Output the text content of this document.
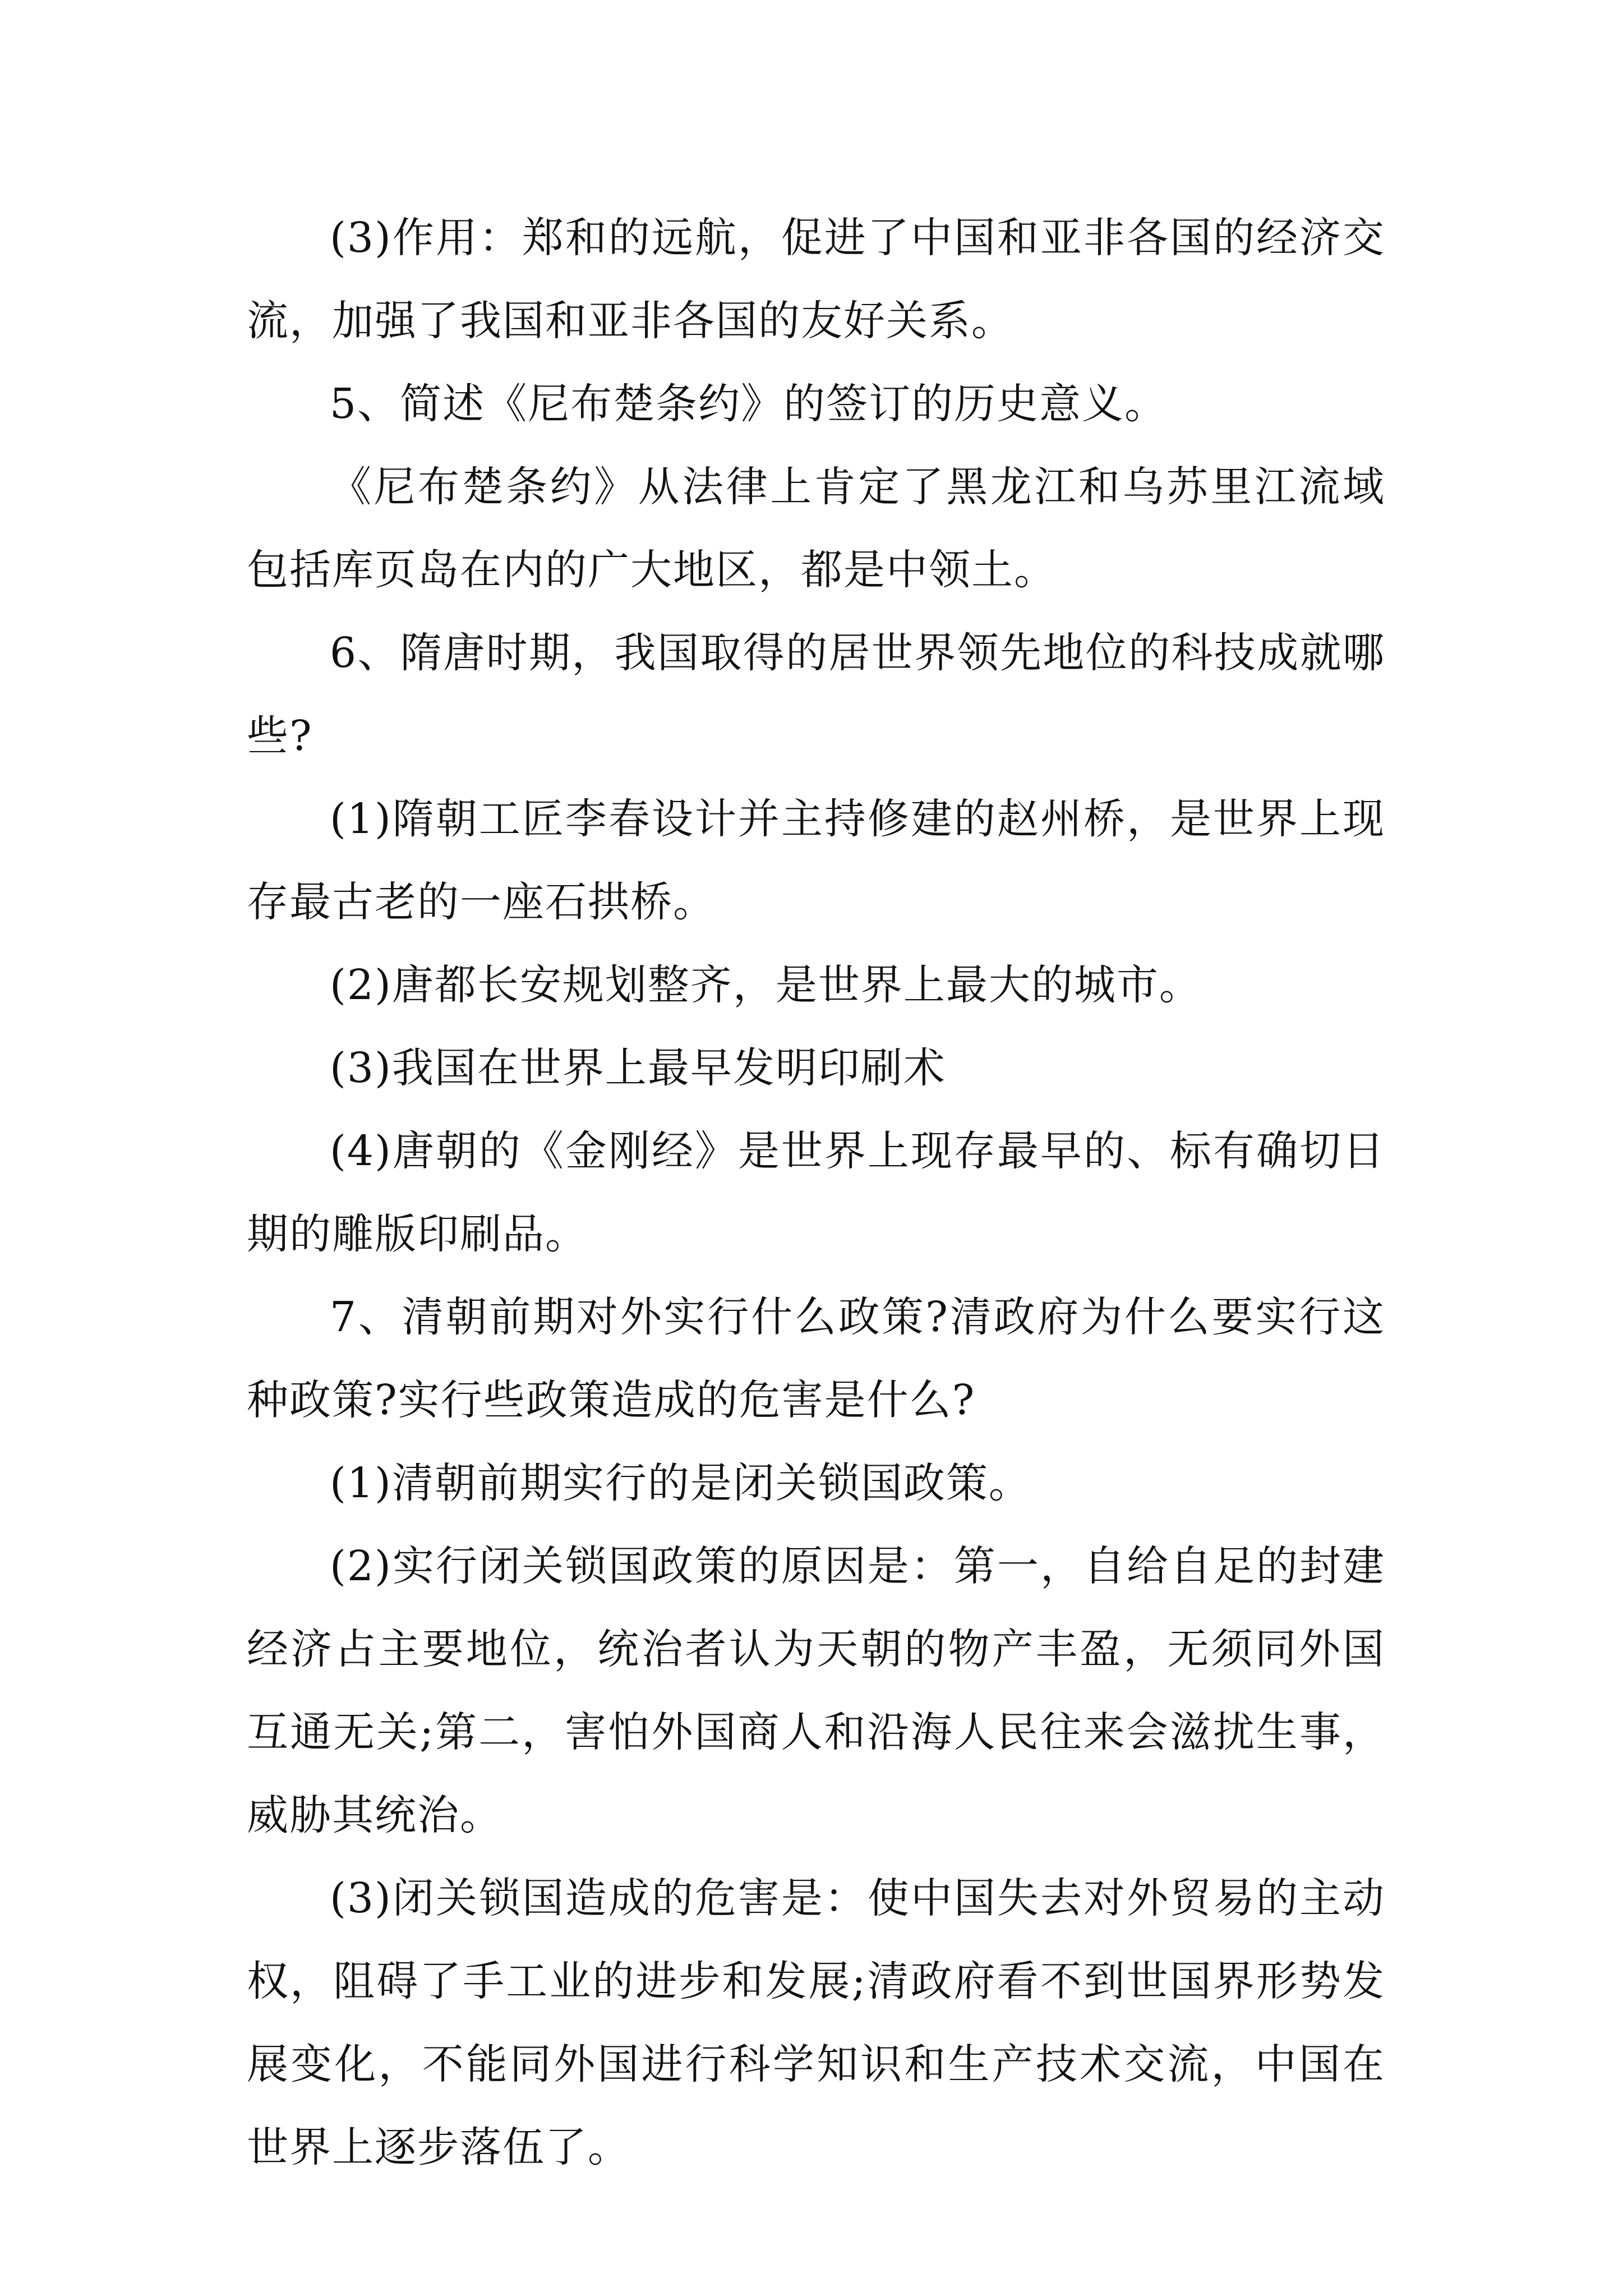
(3)作用：郑和的远航，促进了中国和亚非各国的经济交流，加强了我国和亚非各国的友好关系。

5、简述《尼布楚条约》的签订的历史意义。

《尼布楚条约》从法律上肯定了黑龙江和乌苏里江流域包括库页岛在内的广大地区，都是中领土。

6、隋唐时期，我国取得的居世界领先地位的科技成就哪些?

(1)隋朝工匠李春设计并主持修建的赵州桥，是世界上现存最古老的一座石拱桥。

(2)唐都长安规划整齐，是世界上最大的城市。

(3)我国在世界上最早发明印刷术

(4)唐朝的《金刚经》是世界上现存最早的、标有确切日期的雕版印刷品。

7、清朝前期对外实行什么政策?清政府为什么要实行这种政策?实行些政策造成的危害是什么?

(1)清朝前期实行的是闭关锁国政策。

(2)实行闭关锁国政策的原因是：第一，自给自足的封建经济占主要地位，统治者认为天朝的物产丰盈，无须同外国互通无关;第二，害怕外国商人和沿海人民往来会滋扰生事，威胁其统治。

(3)闭关锁国造成的危害是：使中国失去对外贸易的主动权，阻碍了手工业的进步和发展;清政府看不到世国界形势发展变化，不能同外国进行科学知识和生产技术交流，中国在世界上逐步落伍了。
